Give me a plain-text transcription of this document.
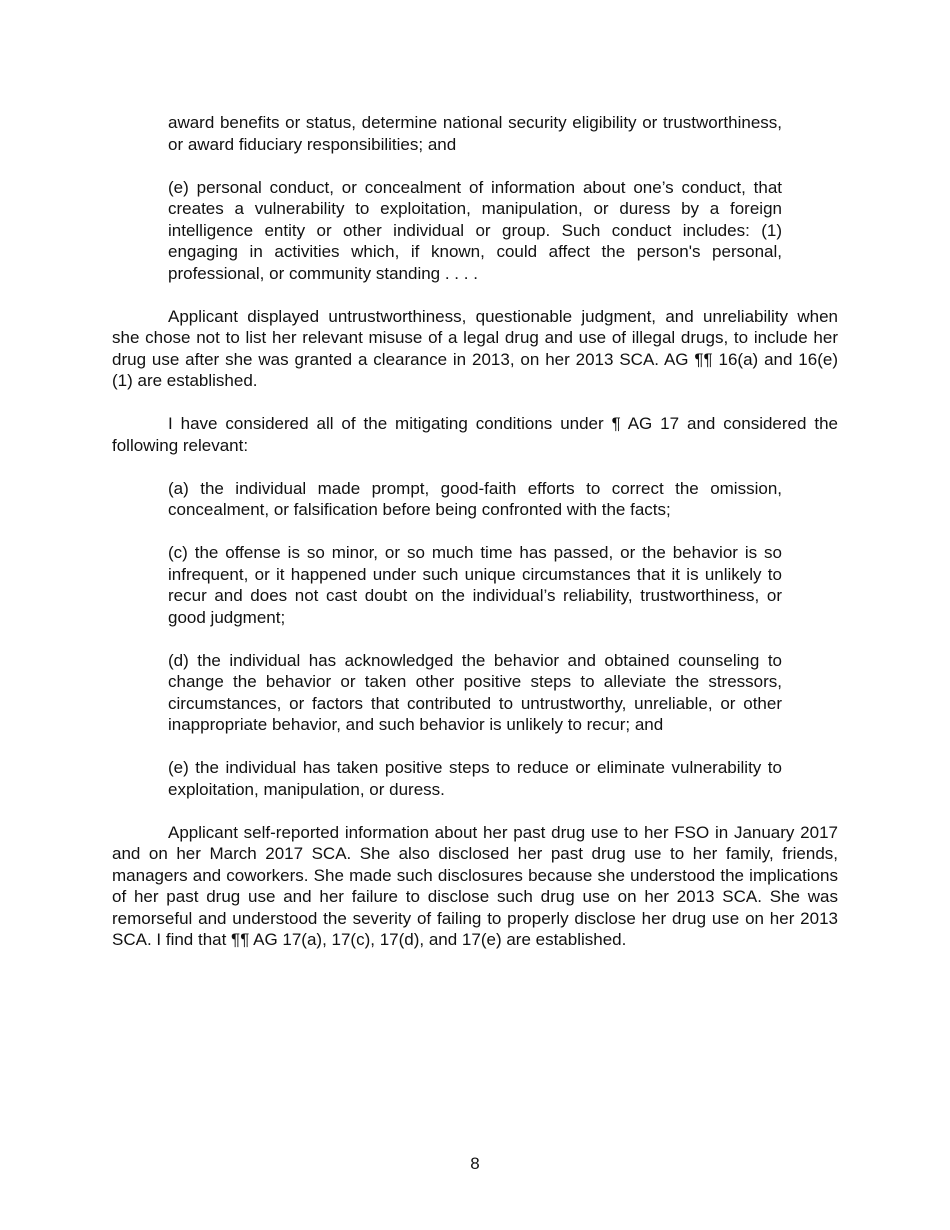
award benefits or status, determine national security eligibility or trustworthiness, or award fiduciary responsibilities; and

(e) personal conduct, or concealment of information about one’s conduct, that creates a vulnerability to exploitation, manipulation, or duress by a foreign intelligence entity or other individual or group. Such conduct includes: (1) engaging in activities which, if known, could affect the person's personal, professional, or community standing . . . .

Applicant displayed untrustworthiness, questionable judgment, and unreliability when she chose not to list her relevant misuse of a legal drug and use of illegal drugs, to include her drug use after she was granted a clearance in 2013, on her 2013 SCA. AG ¶¶ 16(a) and 16(e)(1) are established.

I have considered all of the mitigating conditions under ¶ AG 17 and considered the following relevant:

(a) the individual made prompt, good-faith efforts to correct the omission, concealment, or falsification before being confronted with the facts;

(c) the offense is so minor, or so much time has passed, or the behavior is so infrequent, or it happened under such unique circumstances that it is unlikely to recur and does not cast doubt on the individual’s reliability, trustworthiness, or good judgment;

(d) the individual has acknowledged the behavior and obtained counseling to change the behavior or taken other positive steps to alleviate the stressors, circumstances, or factors that contributed to untrustworthy, unreliable, or other inappropriate behavior, and such behavior is unlikely to recur; and

(e) the individual has taken positive steps to reduce or eliminate vulnerability to exploitation, manipulation, or duress.

Applicant self-reported information about her past drug use to her FSO in January 2017 and on her March 2017 SCA. She also disclosed her past drug use to her family, friends, managers and coworkers. She made such disclosures because she understood the implications of her past drug use and her failure to disclose such drug use on her 2013 SCA. She was remorseful and understood the severity of failing to properly disclose her drug use on her 2013 SCA. I find that ¶¶ AG 17(a), 17(c), 17(d), and 17(e) are established.

8
